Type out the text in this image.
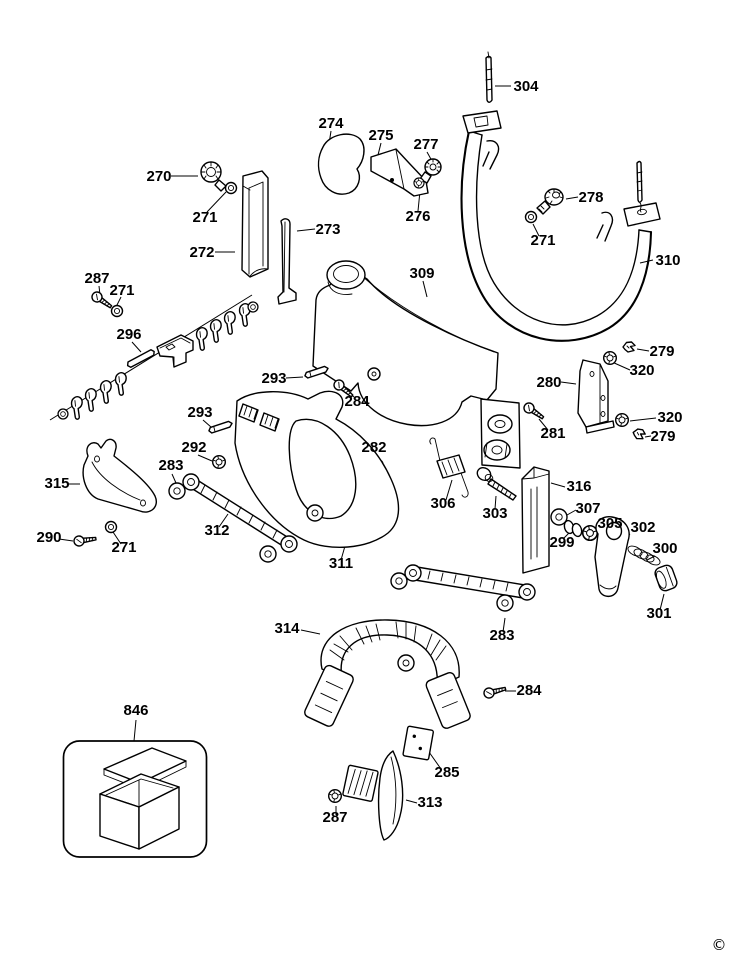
304
274
275
277
270
271
272
273
276
278
271
310
287
271
296
309
279
320
280
293
284
281
320
279
293
292	282
283
315
306
303
316
307
305 302
299	300
301
290
271
312
311
283
314
284
285
313
287
846
©
